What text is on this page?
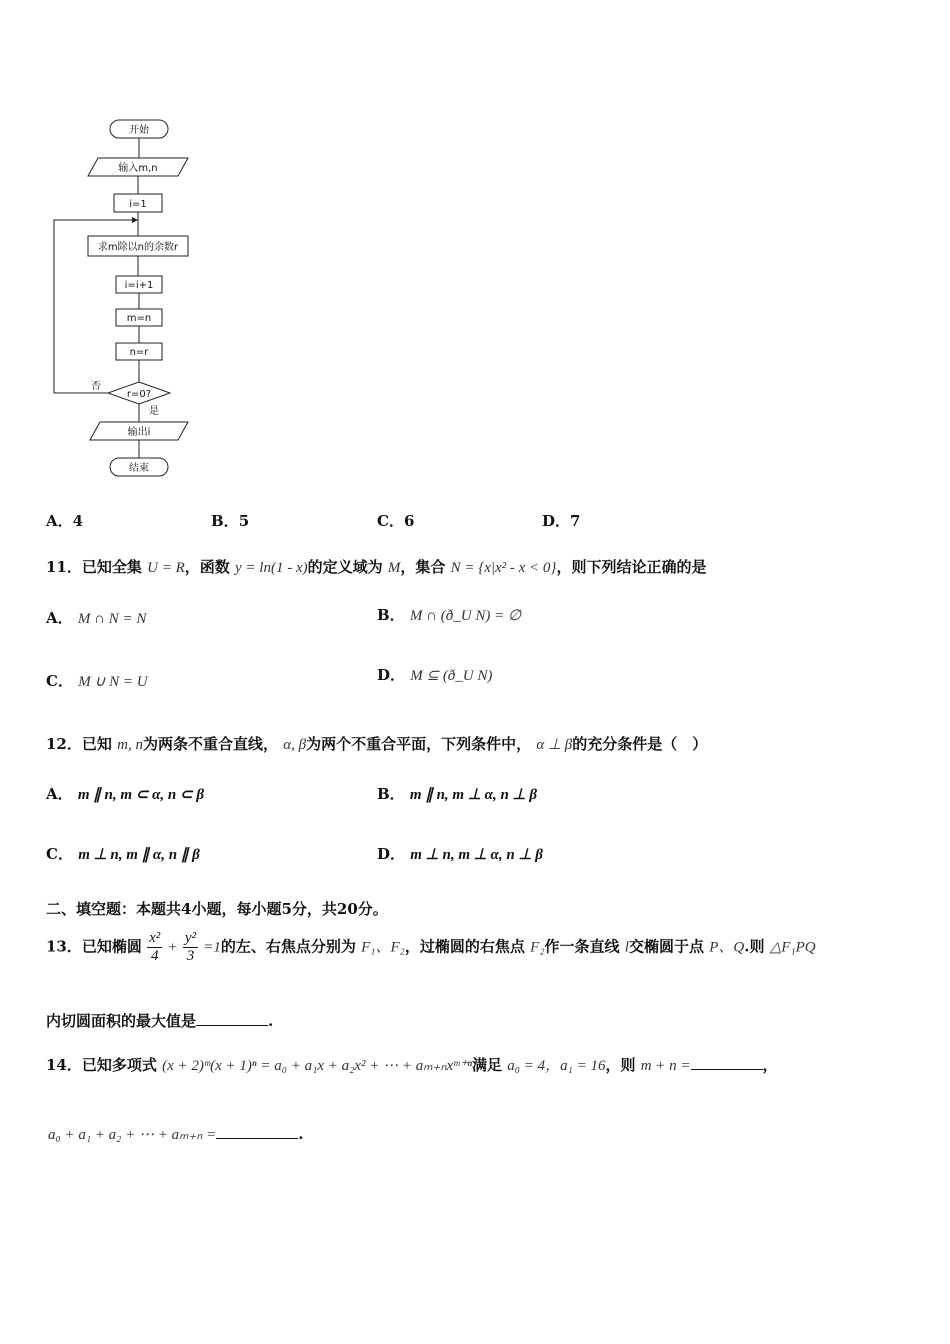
开始
输入m,n
i=1
求m除以n的余数r
i=i+1
m=n
n=r
r=0?
否
是
输出i
结束
A．4	B．5	C．6	D．7
11．已知全集 U = R，函数 y = ln(1 - x)的定义域为 M，集合 N = {x|x² - x < 0}，则下列结论正确的是
A． M ∩ N = N	B． M ∩ (ð_U N) = ∅
C． M ∪ N = U	D． M ⊆ (ð_U N)
12．已知 m, n为两条不重合直线， α, β为两个不重合平面，下列条件中， α ⊥ β的充分条件是（　）
A． m ∥ n, m ⊂ α, n ⊂ β	B． m ∥ n, m ⊥ α, n ⊥ β
C． m ⊥ n, m ∥ α, n ∥ β	D． m ⊥ n, m ⊥ α, n ⊥ β
二、填空题：本题共4小题，每小题5分，共20分。
13．已知椭圆 $\frac{\text{x²}}{4} + \frac{\text{y²}}{3} =1$的左、右焦点分别为 F₁、F₂，过椭圆的右焦点 F₂作一条直线 l交椭圆于点 P、Q.则 △F₁PQ
内切圆面积的最大值是	.
14．已知多项式 (x + 2)ᵐ(x + 1)ⁿ = a₀ + a₁x + a₂x² + ⋯ + aₘ₊ₙxᵐ⁺ⁿ满足 a₀ = 4，a₁ = 16，则 m + n =	，
a₀ + a₁ + a₂ + ⋯ + aₘ₊ₙ =	.
